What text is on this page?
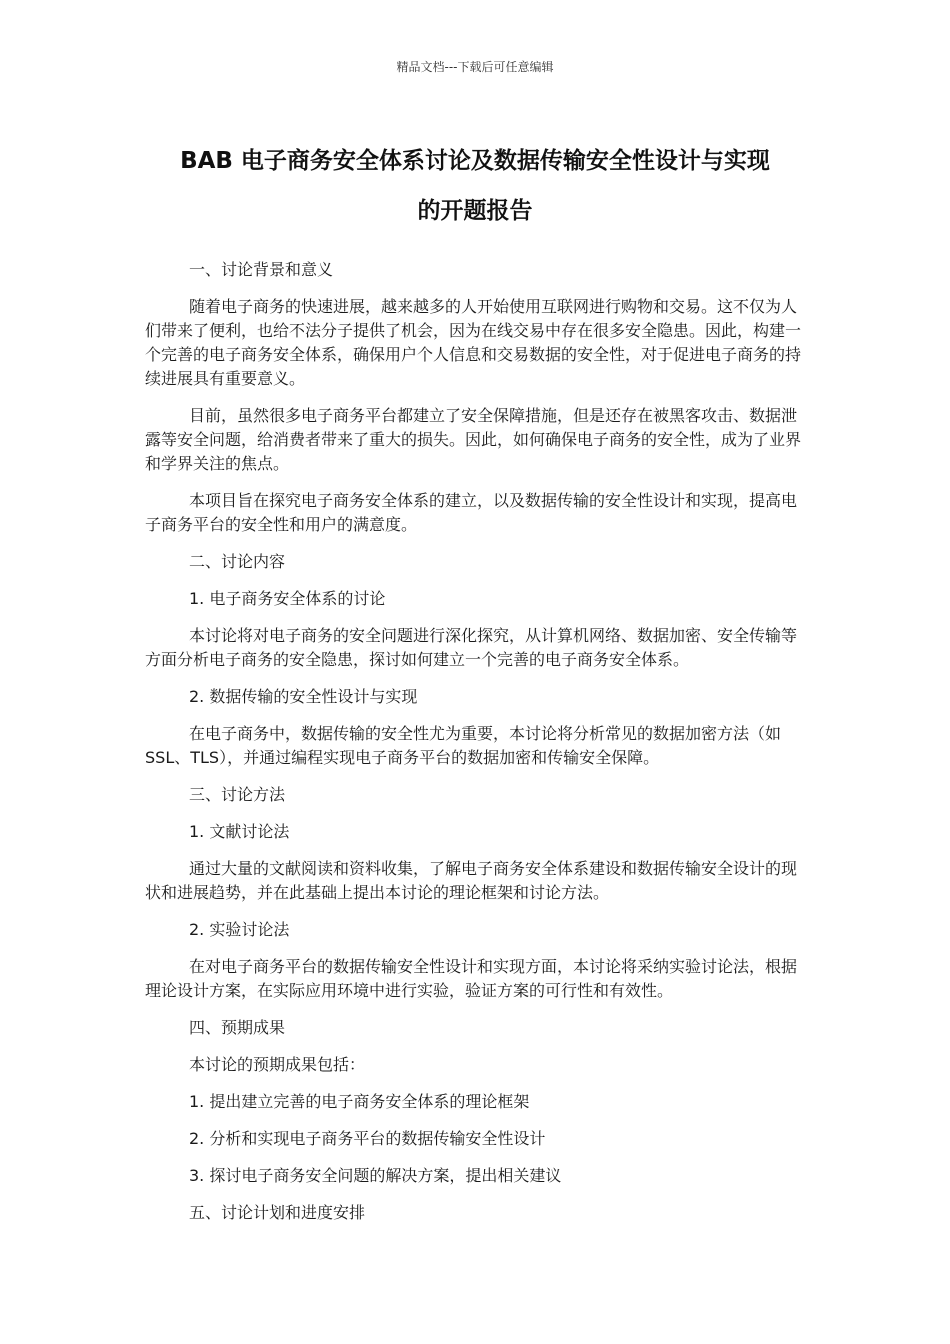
精品文档---下载后可任意编辑
BAB 电子商务安全体系讨论及数据传输安全性设计与实现
的开题报告

一、讨论背景和意义

随着电子商务的快速进展，越来越多的人开始使用互联网进行购物和交易。这不仅为人们带来了便利，也给不法分子提供了机会，因为在线交易中存在很多安全隐患。因此，构建一个完善的电子商务安全体系，确保用户个人信息和交易数据的安全性，对于促进电子商务的持续进展具有重要意义。

目前，虽然很多电子商务平台都建立了安全保障措施，但是还存在被黑客攻击、数据泄露等安全问题，给消费者带来了重大的损失。因此，如何确保电子商务的安全性，成为了业界和学界关注的焦点。

本项目旨在探究电子商务安全体系的建立，以及数据传输的安全性设计和实现，提高电子商务平台的安全性和用户的满意度。

二、讨论内容

1. 电子商务安全体系的讨论

本讨论将对电子商务的安全问题进行深化探究，从计算机网络、数据加密、安全传输等方面分析电子商务的安全隐患，探讨如何建立一个完善的电子商务安全体系。

2. 数据传输的安全性设计与实现

在电子商务中，数据传输的安全性尤为重要，本讨论将分析常见的数据加密方法（如 SSL、TLS），并通过编程实现电子商务平台的数据加密和传输安全保障。

三、讨论方法

1. 文献讨论法

通过大量的文献阅读和资料收集，了解电子商务安全体系建设和数据传输安全设计的现状和进展趋势，并在此基础上提出本讨论的理论框架和讨论方法。

2. 实验讨论法

在对电子商务平台的数据传输安全性设计和实现方面，本讨论将采纳实验讨论法，根据理论设计方案，在实际应用环境中进行实验，验证方案的可行性和有效性。

四、预期成果

本讨论的预期成果包括：

1. 提出建立完善的电子商务安全体系的理论框架

2. 分析和实现电子商务平台的数据传输安全性设计

3. 探讨电子商务安全问题的解决方案，提出相关建议

五、讨论计划和进度安排
